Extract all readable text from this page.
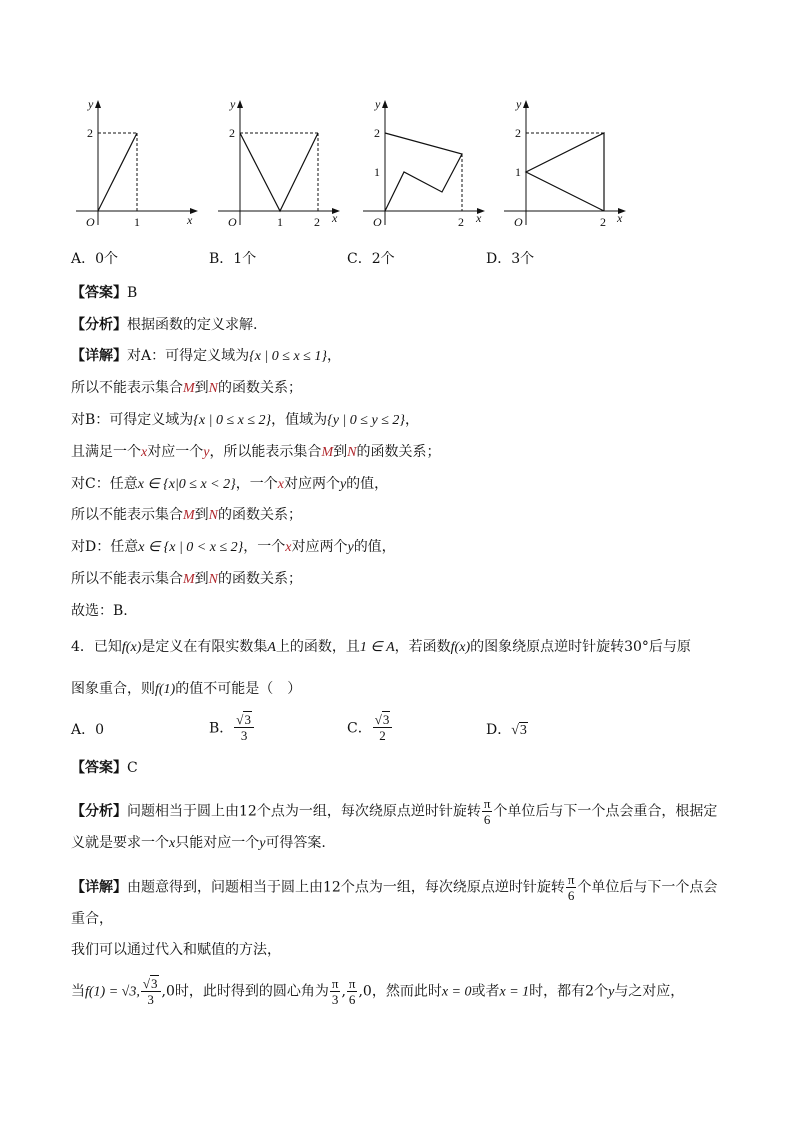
y
x
O
2
1
y
x
O
2
1	2
y
x
O
2
1
2
y
x
O
2
1
2
A．0个	B．1个	C．2个	D．3个
【答案】B
【分析】根据函数的定义求解.
【详解】对A：可得定义域为{x | 0 ≤ x ≤ 1}，
所以不能表示集合M到N的函数关系；
对B：可得定义域为{x | 0 ≤ x ≤ 2}，值域为{y | 0 ≤ y ≤ 2}，
且满足一个x对应一个y，所以能表示集合M到N的函数关系；
对C：任意x ∈ {x|0 ≤ x < 2}，一个x对应两个y的值，
所以不能表示集合M到N的函数关系；
对D：任意x ∈ {x | 0 < x ≤ 2}，一个x对应两个y的值，
所以不能表示集合M到N的函数关系；
故选：B.
4．已知f(x)是定义在有限实数集A上的函数，且1 ∈ A，若函数f(x)的图象绕原点逆时针旋转30°后与原
图象重合，则f(1)的值不可能是（　）
A．0	B． $\frac{√3}{3}$	C． $\frac{√3}{2}$	D．√3
【答案】C
【分析】问题相当于圆上由12个点为一组，每次绕原点逆时针旋转 $\frac{\pi}{6}$ 个单位后与下一个点会重合，根据定
义就是要求一个x只能对应一个y可得答案.
【详解】由题意得到，问题相当于圆上由12个点为一组，每次绕原点逆时针旋转 $\frac{\pi}{6}$ 个单位后与下一个点会
重合，
我们可以通过代入和赋值的方法，
当f(1) = √3, $\frac{√3}{3} ,0$时，此时得到的圆心角为 $\frac{\pi}{3}$ , $\frac{\pi}{6} ,0$，然而此时x = 0或者x = 1时，都有2个y与之对应，
